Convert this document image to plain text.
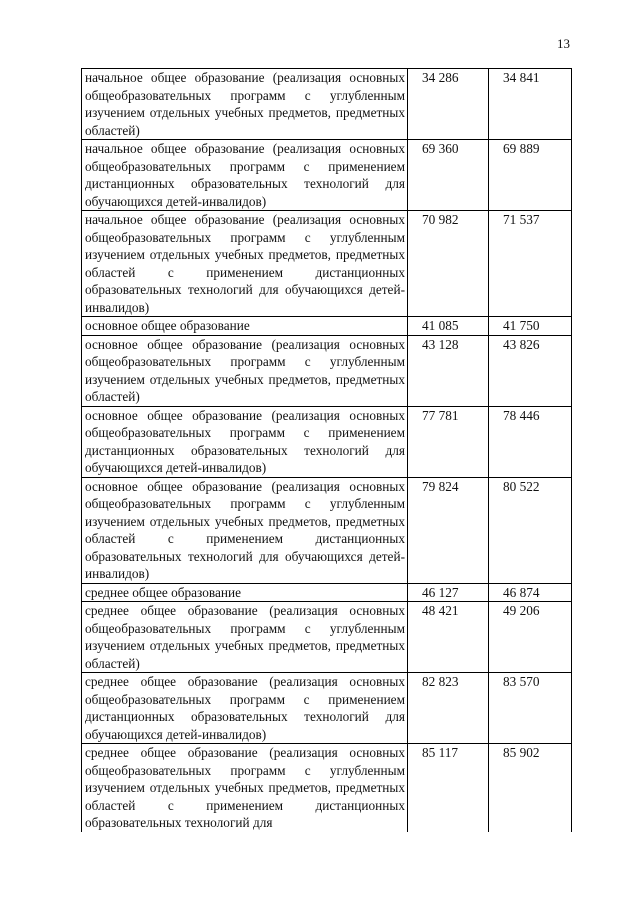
13
начальное общее образование (реализация основных общеобразовательных программ с углубленным изучением отдельных учебных предметов, предметных областей)	34 286	34 841
начальное общее образование (реализация основных общеобразовательных программ с применением дистанционных образовательных технологий для обучающихся детей-инвалидов)	69 360	69 889
начальное общее образование (реализация основных общеобразовательных программ с углубленным изучением отдельных учебных предметов, предметных областей с применением дистанционных образовательных технологий для обучающихся детей-инвалидов)	70 982	71 537
основное общее образование	41 085	41 750
основное общее образование (реализация основных общеобразовательных программ с углубленным изучением отдельных учебных предметов, предметных областей)	43 128	43 826
основное общее образование (реализация основных общеобразовательных программ с применением дистанционных образовательных технологий для обучающихся детей-инвалидов)	77 781	78 446
основное общее образование (реализация основных общеобразовательных программ с углубленным изучением отдельных учебных предметов, предметных областей с применением дистанционных образовательных технологий для обучающихся детей-инвалидов)	79 824	80 522
среднее общее образование	46 127	46 874
среднее общее образование (реализация основных общеобразовательных программ с углубленным изучением отдельных учебных предметов, предметных областей)	48 421	49 206
среднее общее образование (реализация основных общеобразовательных программ с применением дистанционных образовательных технологий для обучающихся детей-инвалидов)	82 823	83 570
среднее общее образование (реализация основных общеобразовательных программ с углубленным изучением отдельных учебных предметов, предметных областей с применением дистанционных образовательных технологий для	85 117	85 902
